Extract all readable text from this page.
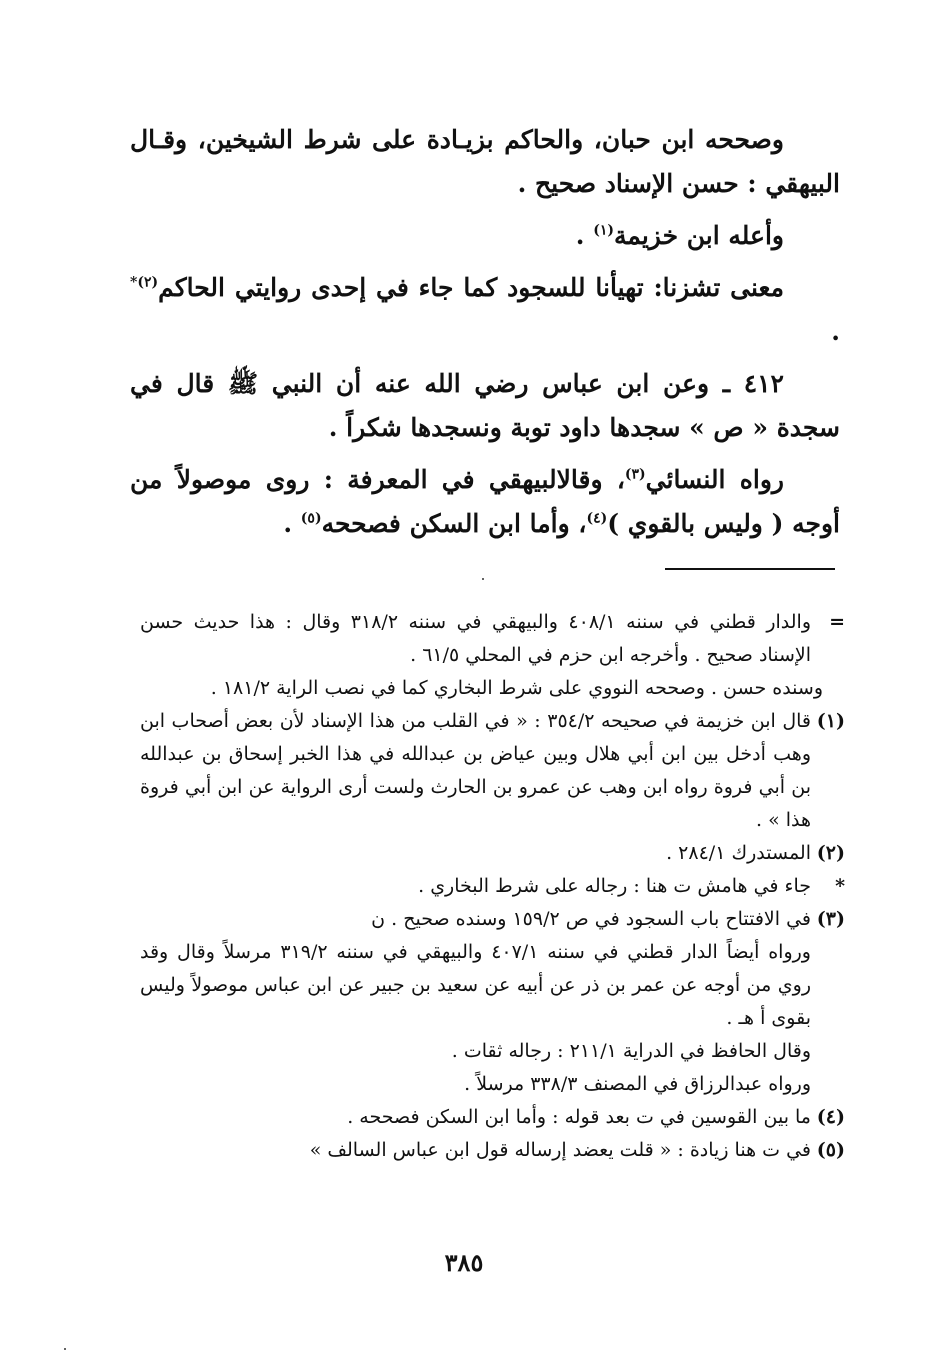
وصححه ابن حبان، والحاكم بزيـادة على شرط الشيخين، وقـال البيهقي : حسن الإسناد صحيح .

وأعله ابن خزيمة$^{(١)}$ .

معنى تشزنا: تهيأنا للسجود كما جاء في إحدى روايتي الحاكم$^{(٢)*}$ .

٤١٢ ـ وعن ابن عباس رضي الله عنه أن النبي ﷺ قال في سجدة « ص » سجدها داود توبة ونسجدها شكراً .

رواه النسائي$^{(٣)}$، وقالالبيهقي في المعرفة : روى موصولاً من أوجه ( وليس بالقوي )$^{(٤)}$، وأما ابن السكن فصححه$^{(٥)}$ .

=والدار قطني في سننه ٤٠٨/١ والبيهقي في سننه ٣١٨/٢ وقال : هذا حديث حسن الإسناد صحيح . وأخرجه ابن حزم في المحلي ٦١/٥ .

وسنده حسن . وصححه النووي على شرط البخاري كما في نصب الراية ١٨١/٢ .

(١)قال ابن خزيمة في صحيحه ٣٥٤/٢ : « في القلب من هذا الإسناد لأن بعض أصحاب ابن وهب أدخل بين ابن أبي هلال وبين عياض بن عبدالله في هذا الخبر إسحاق بن عبدالله بن أبي فروة رواه ابن وهب عن عمرو بن الحارث ولست أرى الرواية عن ابن أبي فروة هذا » .

(٢)المستدرك ٢٨٤/١ .

*جاء في هامش ت هنا : رجاله على شرط البخاري .

(٣)في الافتتاح باب السجود في ص ١٥٩/٢ وسنده صحيح . ن

ورواه أيضاً الدار قطني في سننه ٤٠٧/١ والبيهقي في سننه ٣١٩/٢ مرسلاً وقال وقد روي من أوجه عن عمر بن ذر عن أبيه عن سعيد بن جبير عن ابن عباس موصولاً وليس بقوى أ هـ .

وقال الحافظ في الدراية ٢١١/١ : رجاله ثقات .

ورواه عبدالرزاق في المصنف ٣٣٨/٣ مرسلاً .

(٤)ما بين القوسين في ت بعد قوله : وأما ابن السكن فصححه .

(٥)في ت هنا زيادة : « قلت يعضد إرساله قول ابن عباس السالف »

٣٨٥
